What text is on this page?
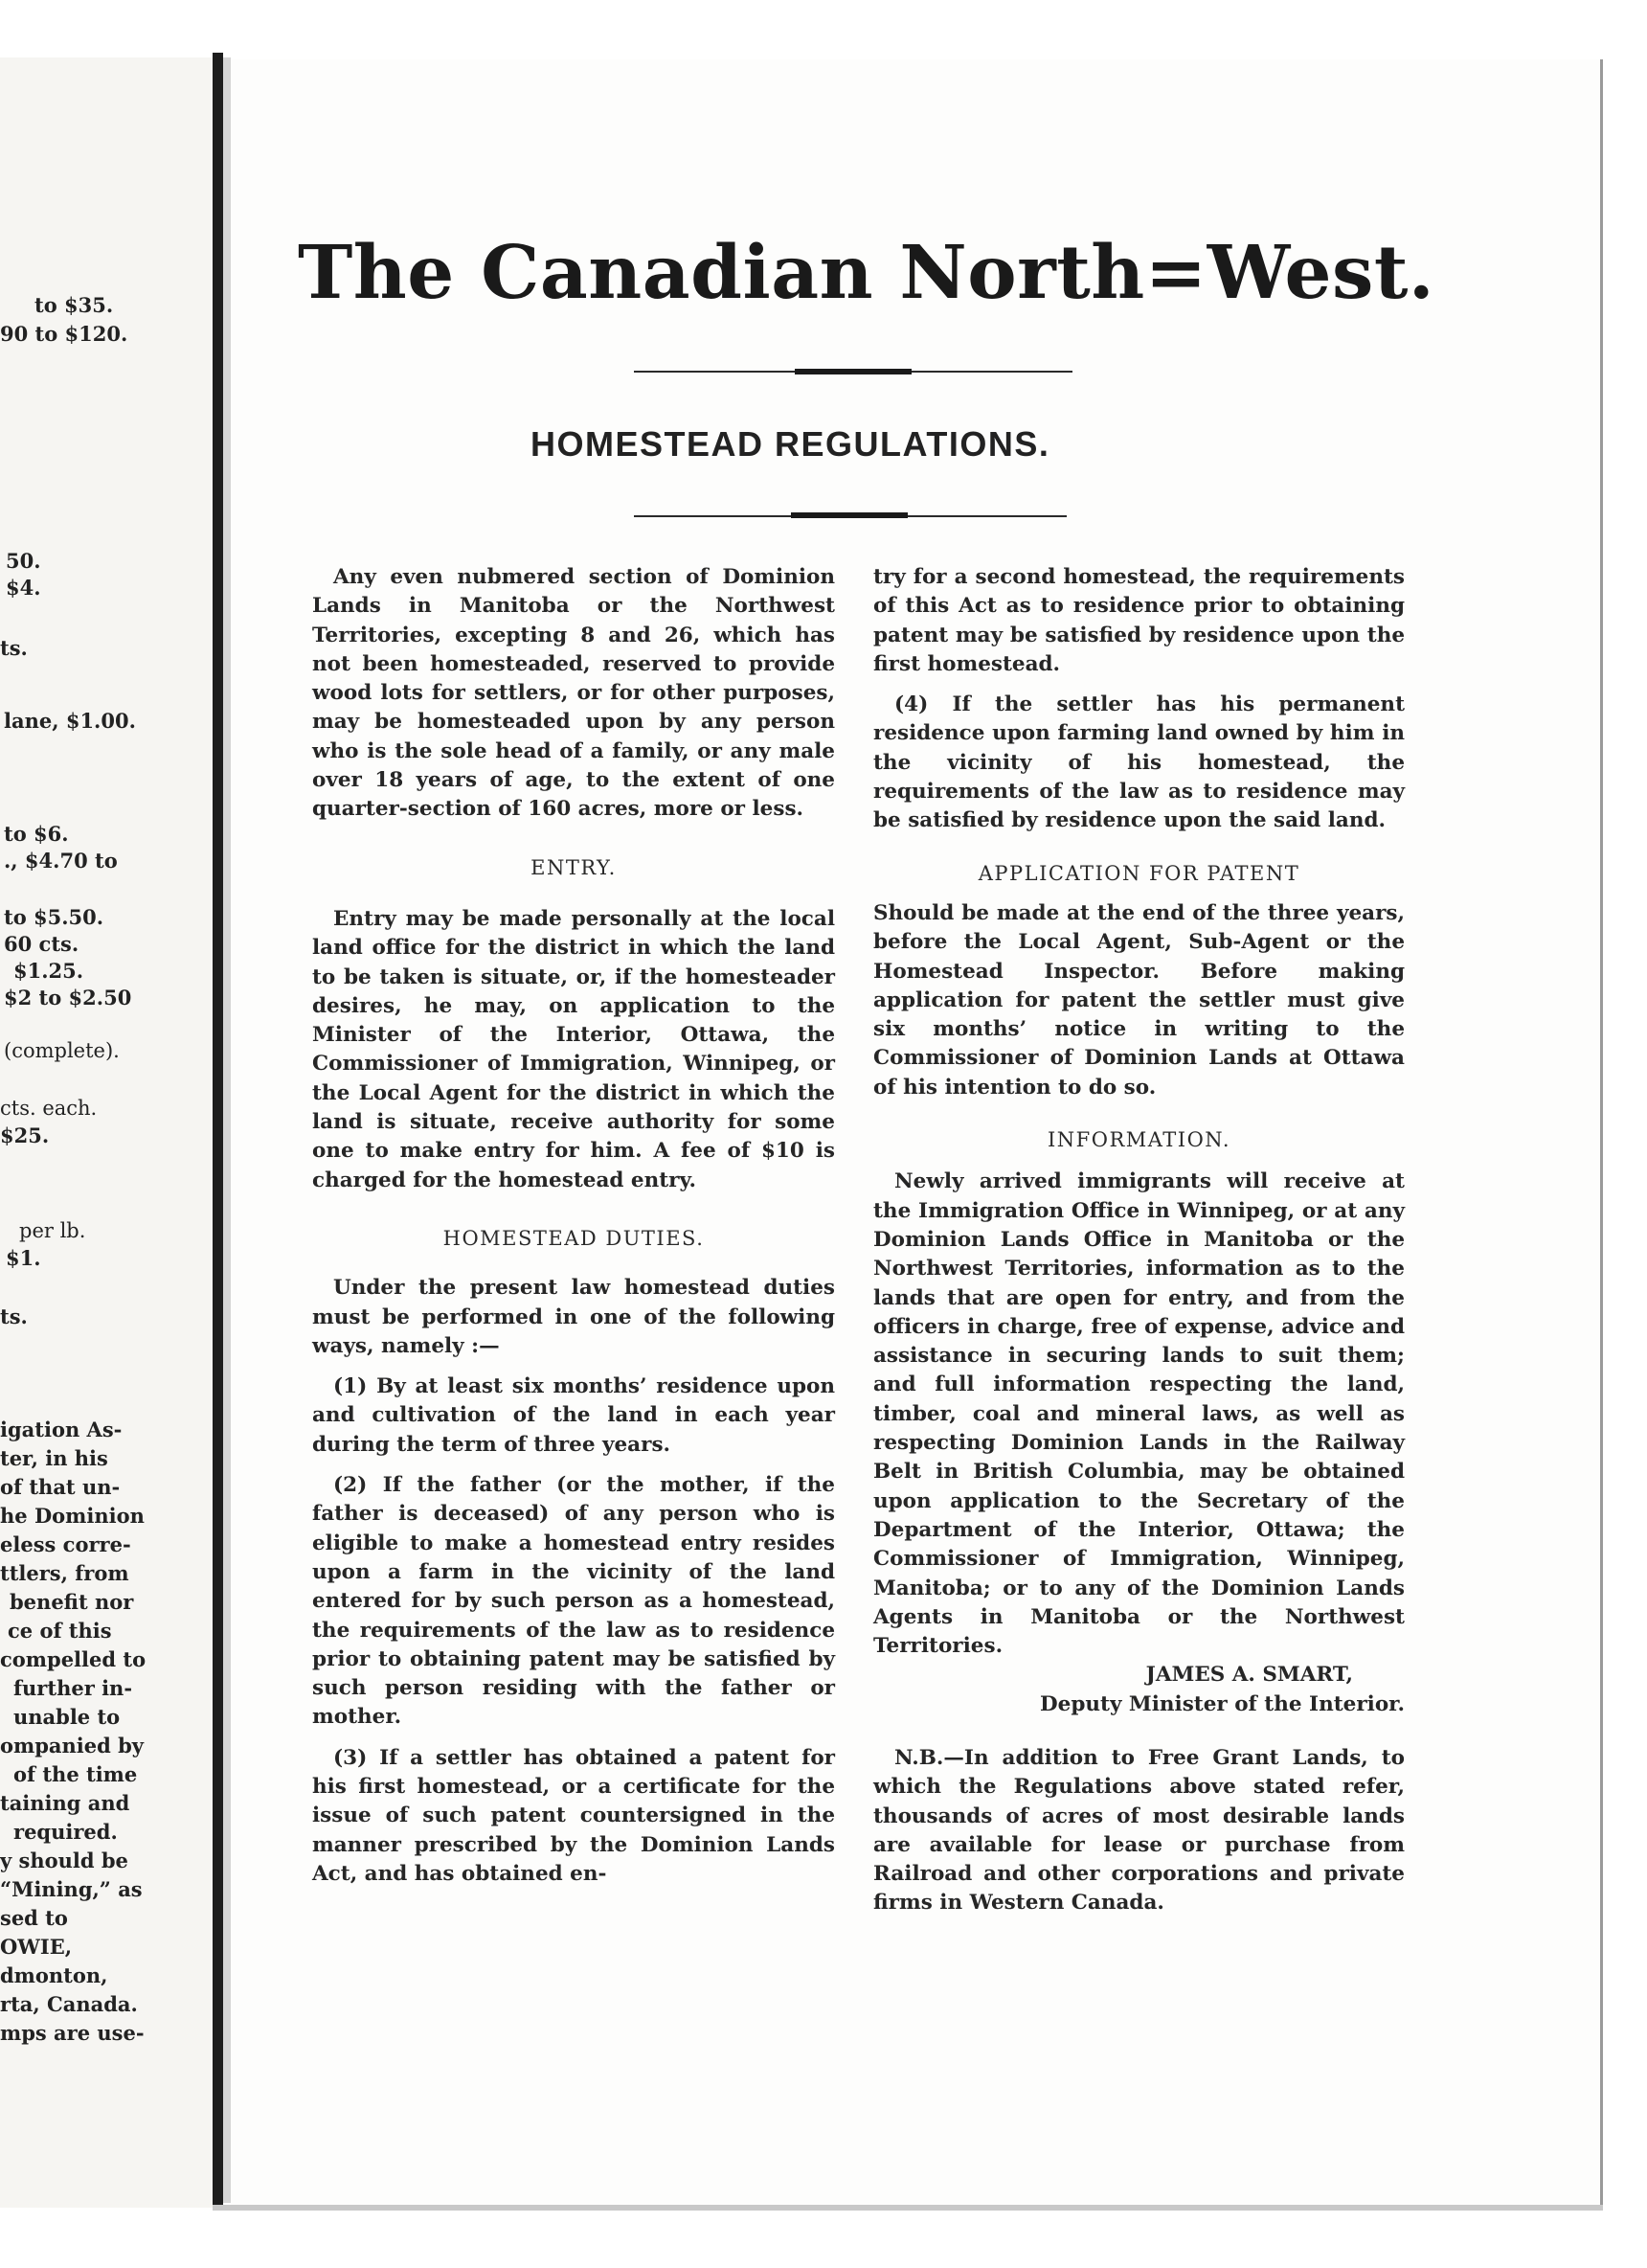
to $35.
90 to $120.
50.
$4.
ts.
lane, $1.00.
to $6.
., $4.70 to
to $5.50.
60 cts.
$1.25.
$2 to $2.50
(complete).
cts. each.
$25.
per lb.
$1.
ts.
igation As-
ter, in his
of that un-
he Dominion
eless corre-
ttlers, from
benefit nor
ce of this
compelled to
further in-
unable to
ompanied by
of the time
taining and
required.
y should be
“Mining,” as
sed to
OWIE,
dmonton,
rta, Canada.
mps are use-
The Canadian North=West.
HOMESTEAD REGULATIONS.

Any even nubmered section of Dominion Lands in Manitoba or the Northwest Territories, excepting 8 and 26, which has not been homesteaded, reserved to provide wood lots for settlers, or for other purposes, may be homesteaded upon by any person who is the sole head of a family, or any male over 18 years of age, to the extent of one quarter-section of 160 acres, more or less.

ENTRY.

Entry may be made personally at the local land office for the district in which the land to be taken is situate, or, if the homesteader desires, he may, on application to the Minister of the Interior, Ottawa, the Commissioner of Immigration, Winnipeg, or the Local Agent for the district in which the land is situate, receive authority for some one to make entry for him. A fee of $10 is charged for the homestead entry.

HOMESTEAD DUTIES.

Under the present law homestead duties must be performed in one of the following ways, namely :—

(1) By at least six months’ residence upon and cultivation of the land in each year during the term of three years.

(2) If the father (or the mother, if the father is deceased) of any person who is eligible to make a homestead entry resides upon a farm in the vicinity of the land entered for by such person as a homestead, the requirements of the law as to residence prior to obtaining patent may be satisfied by such person residing with the father or mother.

(3) If a settler has obtained a patent for his first homestead, or a certificate for the issue of such patent countersigned in the manner prescribed by the Dominion Lands Act, and has obtained en-

try for a second homestead, the requirements of this Act as to residence prior to obtaining patent may be satisfied by residence upon the first homestead.

(4) If the settler has his permanent residence upon farming land owned by him in the vicinity of his homestead, the requirements of the law as to residence may be satisfied by residence upon the said land.

APPLICATION FOR PATENT

Should be made at the end of the three years, before the Local Agent, Sub-Agent or the Homestead Inspector. Before making application for patent the settler must give six months’ notice in writing to the Commissioner of Dominion Lands at Ottawa of his intention to do so.

INFORMATION.

Newly arrived immigrants will receive at the Immigration Office in Winnipeg, or at any Dominion Lands Office in Manitoba or the Northwest Territories, information as to the lands that are open for entry, and from the officers in charge, free of expense, advice and assistance in securing lands to suit them; and full information respecting the land, timber, coal and mineral laws, as well as respecting Dominion Lands in the Railway Belt in British Columbia, may be obtained upon application to the Secretary of the Department of the Interior, Ottawa; the Commissioner of Immigration, Winnipeg, Manitoba; or to any of the Dominion Lands Agents in Manitoba or the Northwest Territories.

JAMES A. SMART,

Deputy Minister of the Interior.

N.B.—In addition to Free Grant Lands, to which the Regulations above stated refer, thousands of acres of most desirable lands are available for lease or purchase from Railroad and other corporations and private firms in Western Canada.
